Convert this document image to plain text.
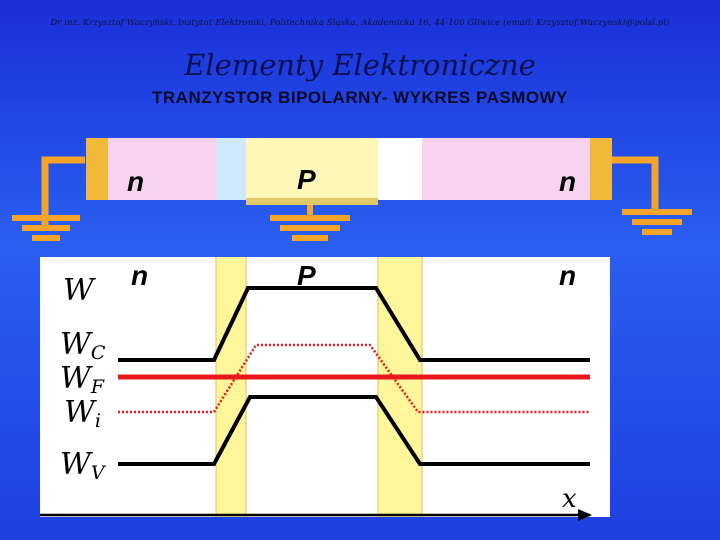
Dr inż. Krzysztof Waczyński, Instytut Elektroniki, Politechnika Śląska, Akademicka 16, 44-100 Gliwice (email: Krzysztof.Waczynski@polsl.pl)
Elementy Elektroniczne
TRANZYSTOR BIPOLARNY- WYKRES PASMOWY
n	P	n
n	P	n
W
WC
WF
Wi
WV
x
